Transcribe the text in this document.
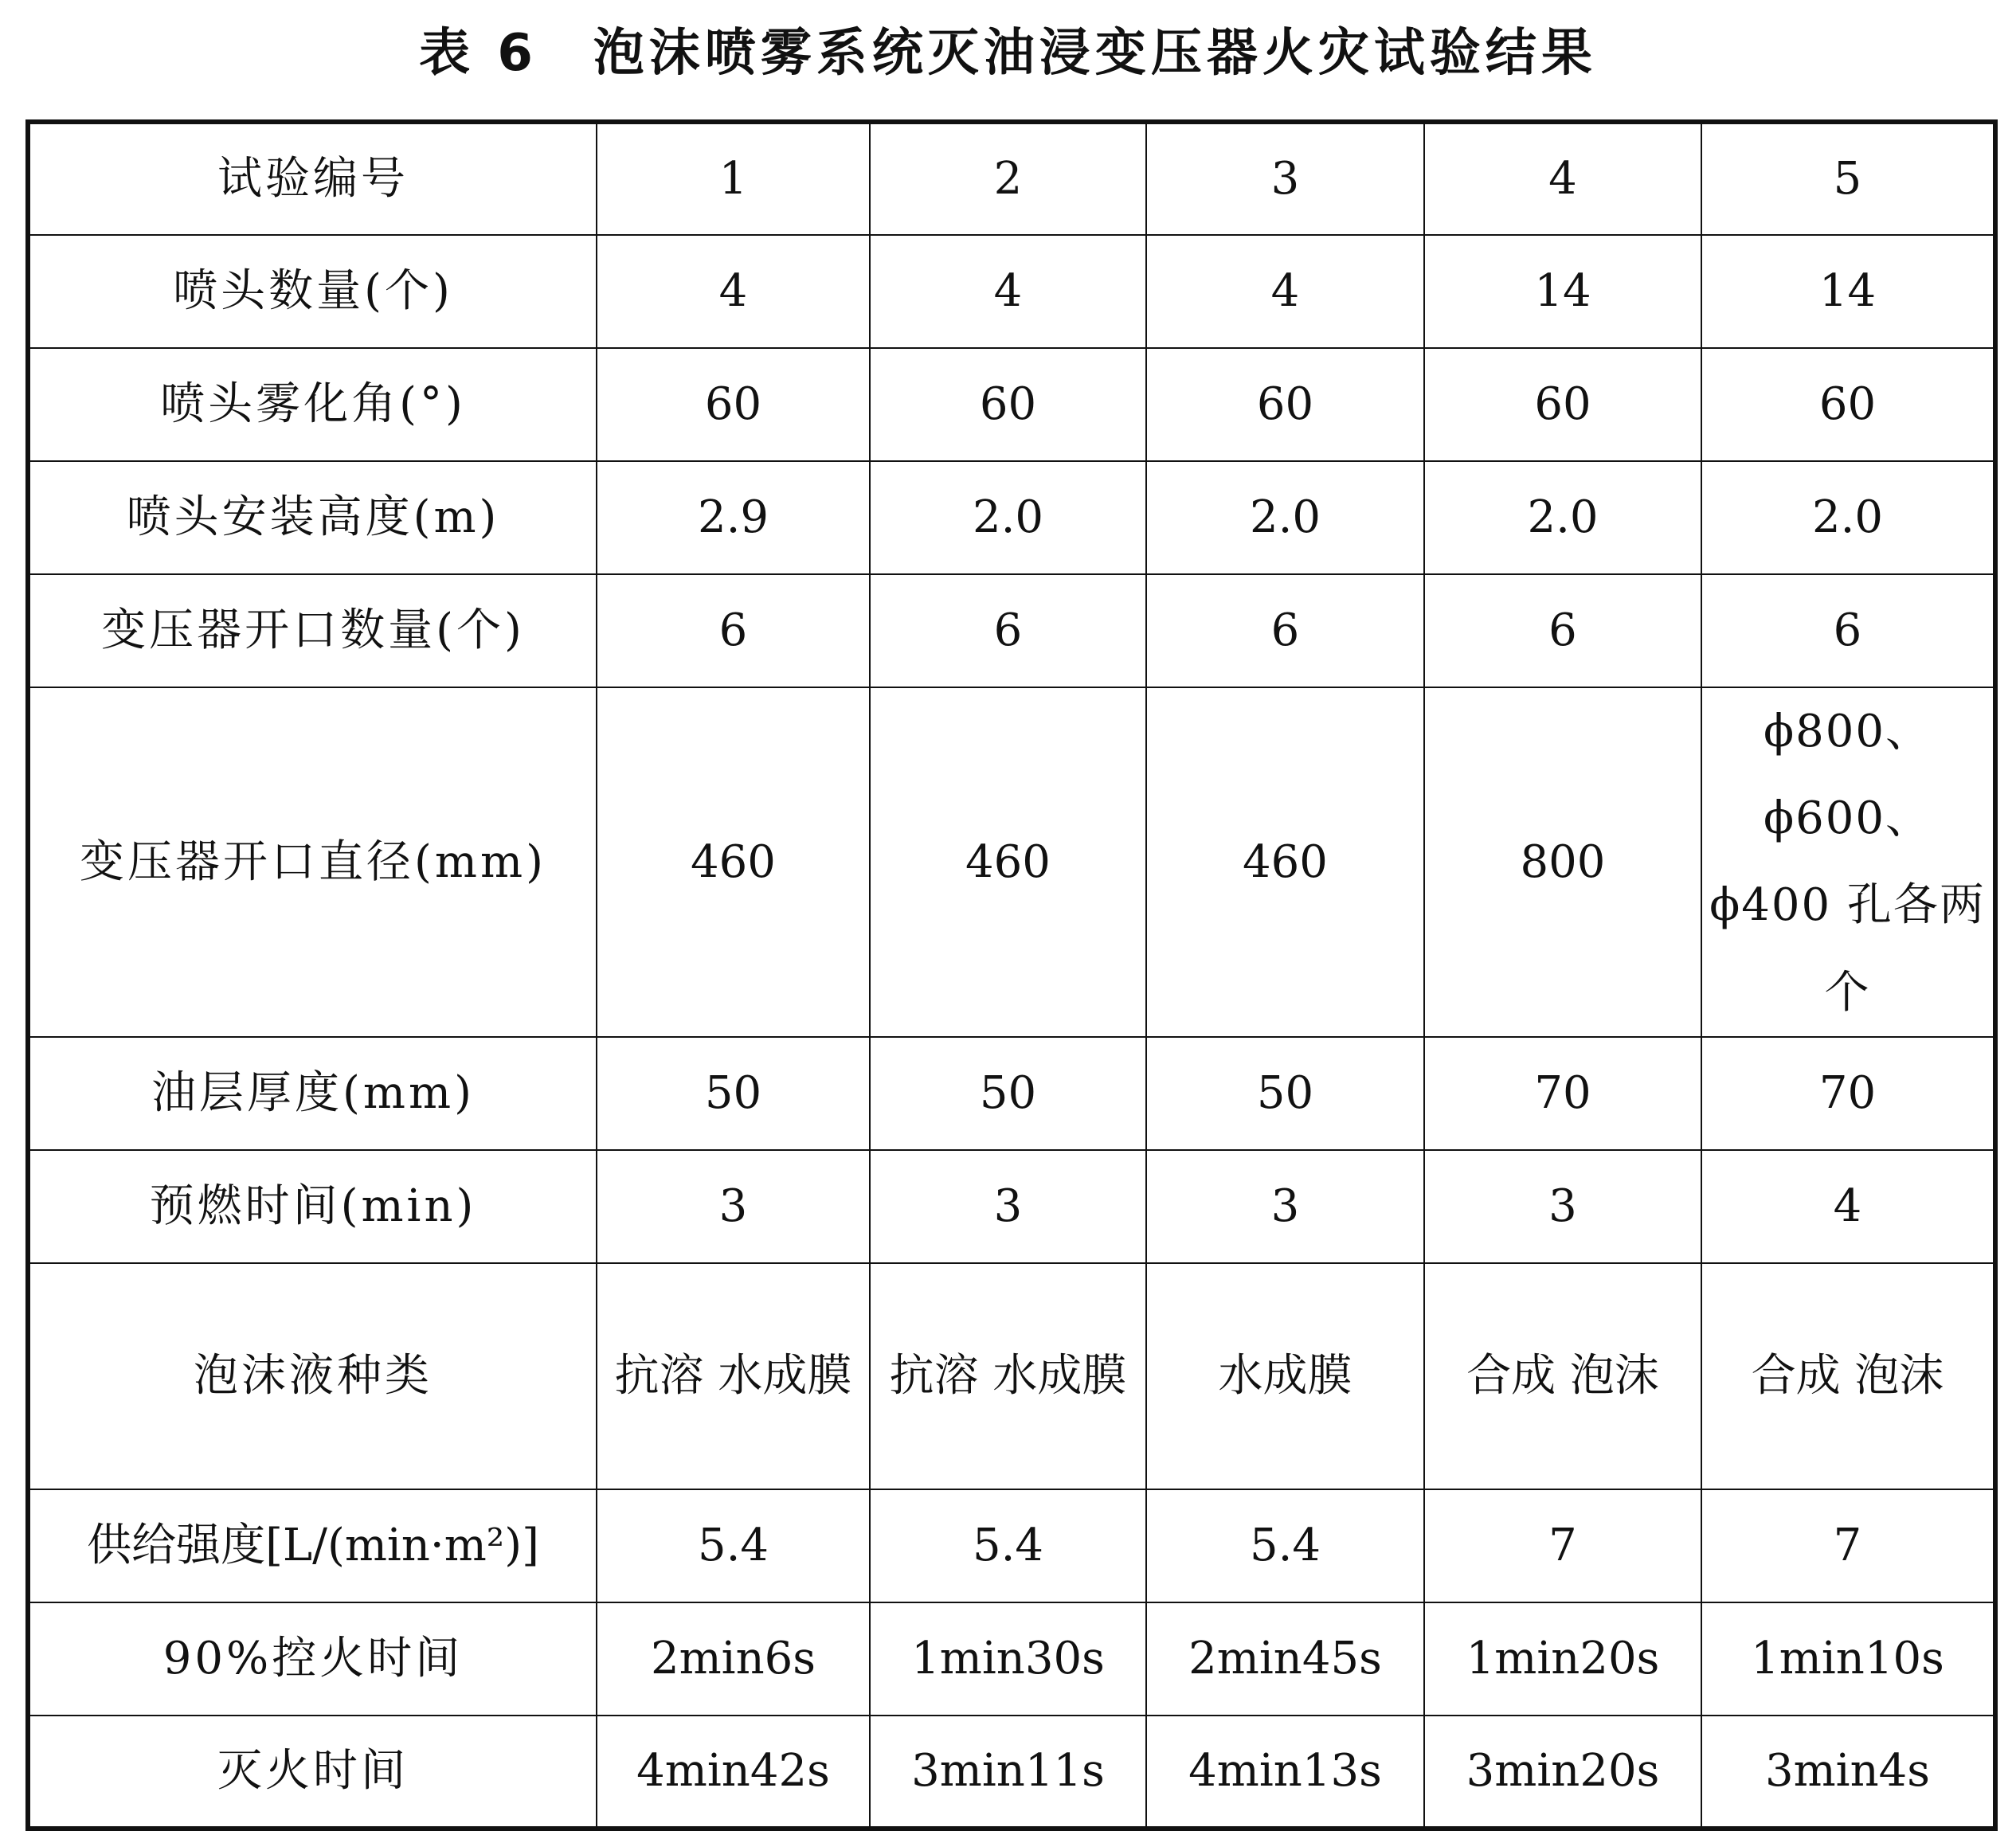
表 6 泡沫喷雾系统灭油浸变压器火灾试验结果
试验编号	1	2	3	4	5
喷头数量(个)	4	4	4	14	14
喷头雾化角(°)	60	60	60	60	60
喷头安装高度(m)	2.9	2.0	2.0	2.0	2.0
变压器开口数量(个)	6	6	6	6	6
变压器开口直径(mm)	460	460	460	800	ϕ800、ϕ600、ϕ400 孔各两个
油层厚度(mm)	50	50	50	70	70
预燃时间(min)	3	3	3	3	4
泡沫液种类	抗溶 水成膜	抗溶 水成膜	水成膜	合成 泡沫	合成 泡沫
供给强度[L/(min·m²)]	5.4	5.4	5.4	7	7
90%控火时间	2min6s	1min30s	2min45s	1min20s	1min10s
灭火时间	4min42s	3min11s	4min13s	3min20s	3min4s
